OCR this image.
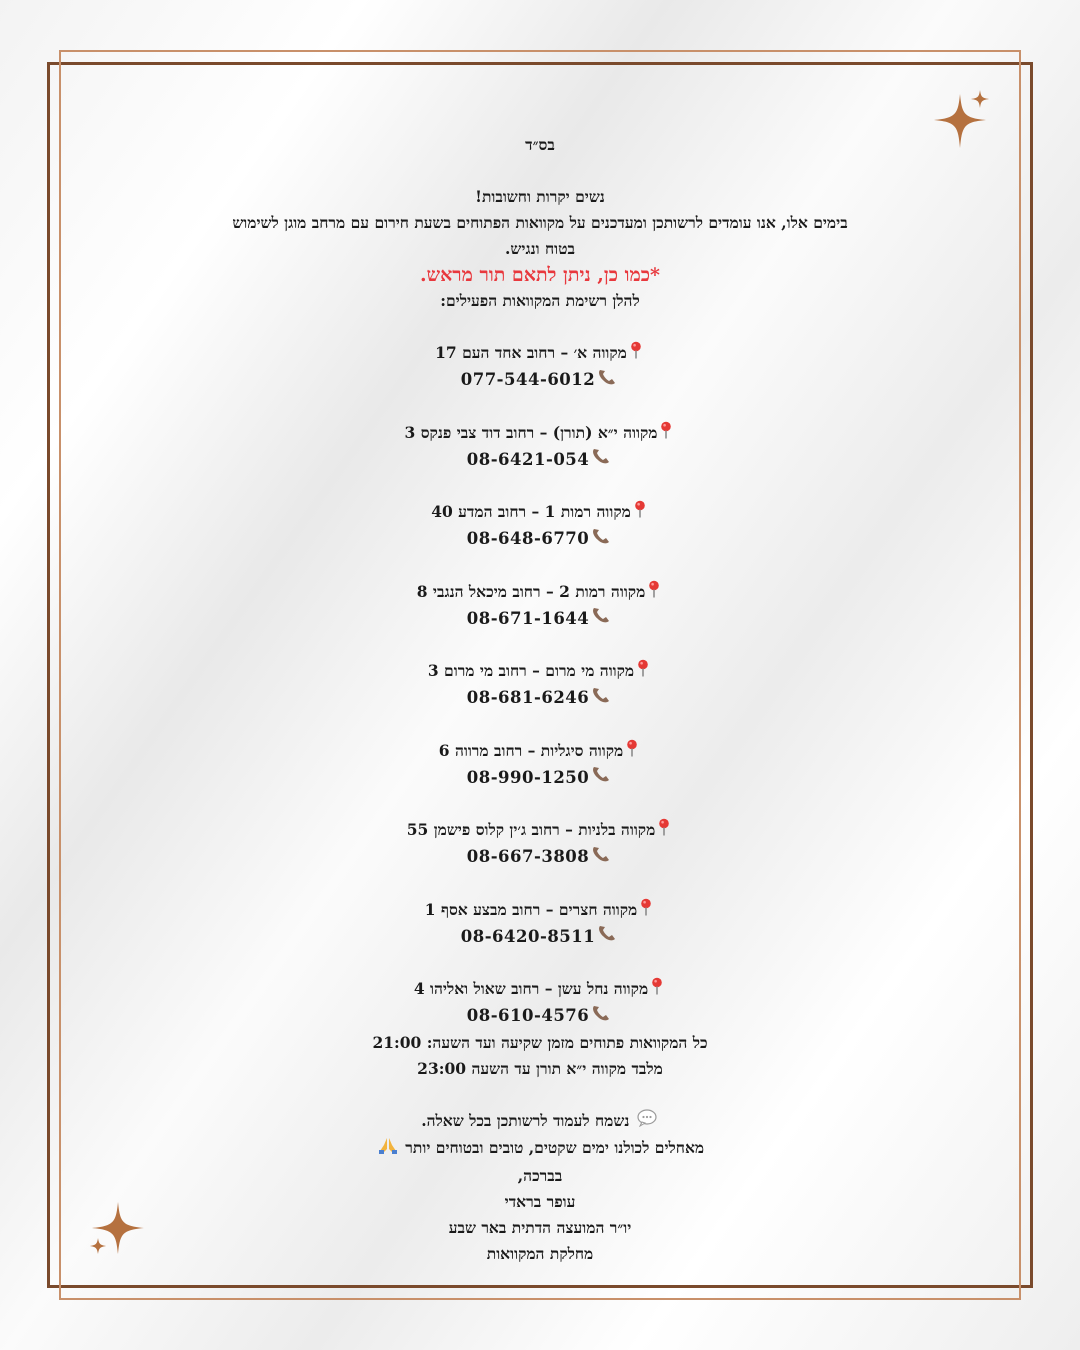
בס״ד

נשים יקרות וחשובות!

בימים אלו, אנו עומדים לרשותכן ומעדכנים על מקוואות הפתוחים בשעת חירום עם מרחב מוגן לשימוש

בטוח ונגיש.

*כמו כן, ניתן לתאם תור מראש.

להלן רשימת המקוואות הפעילים:

מקווה א׳ – רחוב אחד העם 17

077-544-6012

מקווה י״א (תורן) – רחוב דוד צבי פנקס 3

08-6421-054

מקווה רמות 1 – רחוב המדע 40

08-648-6770

מקווה רמות 2 – רחוב מיכאל הנגבי 8

08-671-1644

מקווה מי מרום – רחוב מי מרום 3

08-681-6246

מקווה סיגליות – רחוב מרווה 6

08-990-1250

מקווה בלניות – רחוב ג׳ין קלוס פישמן 55

08-667-3808

מקווה חצרים – רחוב מבצע אסף 1

08-6420-8511

מקווה נחל עשן – רחוב שאול ואליהו 4

08-610-4576

כל המקוואות פתוחים מזמן שקיעה ועד השעה: 21:00

מלבד מקווה י״א תורן עד השעה 23:00

נשמח לעמוד לרשותכן בכל שאלה.

מאחלים לכולנו ימים שקטים, טובים ובטוחים יותר

בברכה,

עופר בראדי

יו״ר המועצה הדתית באר שבע

מחלקת המקוואות
